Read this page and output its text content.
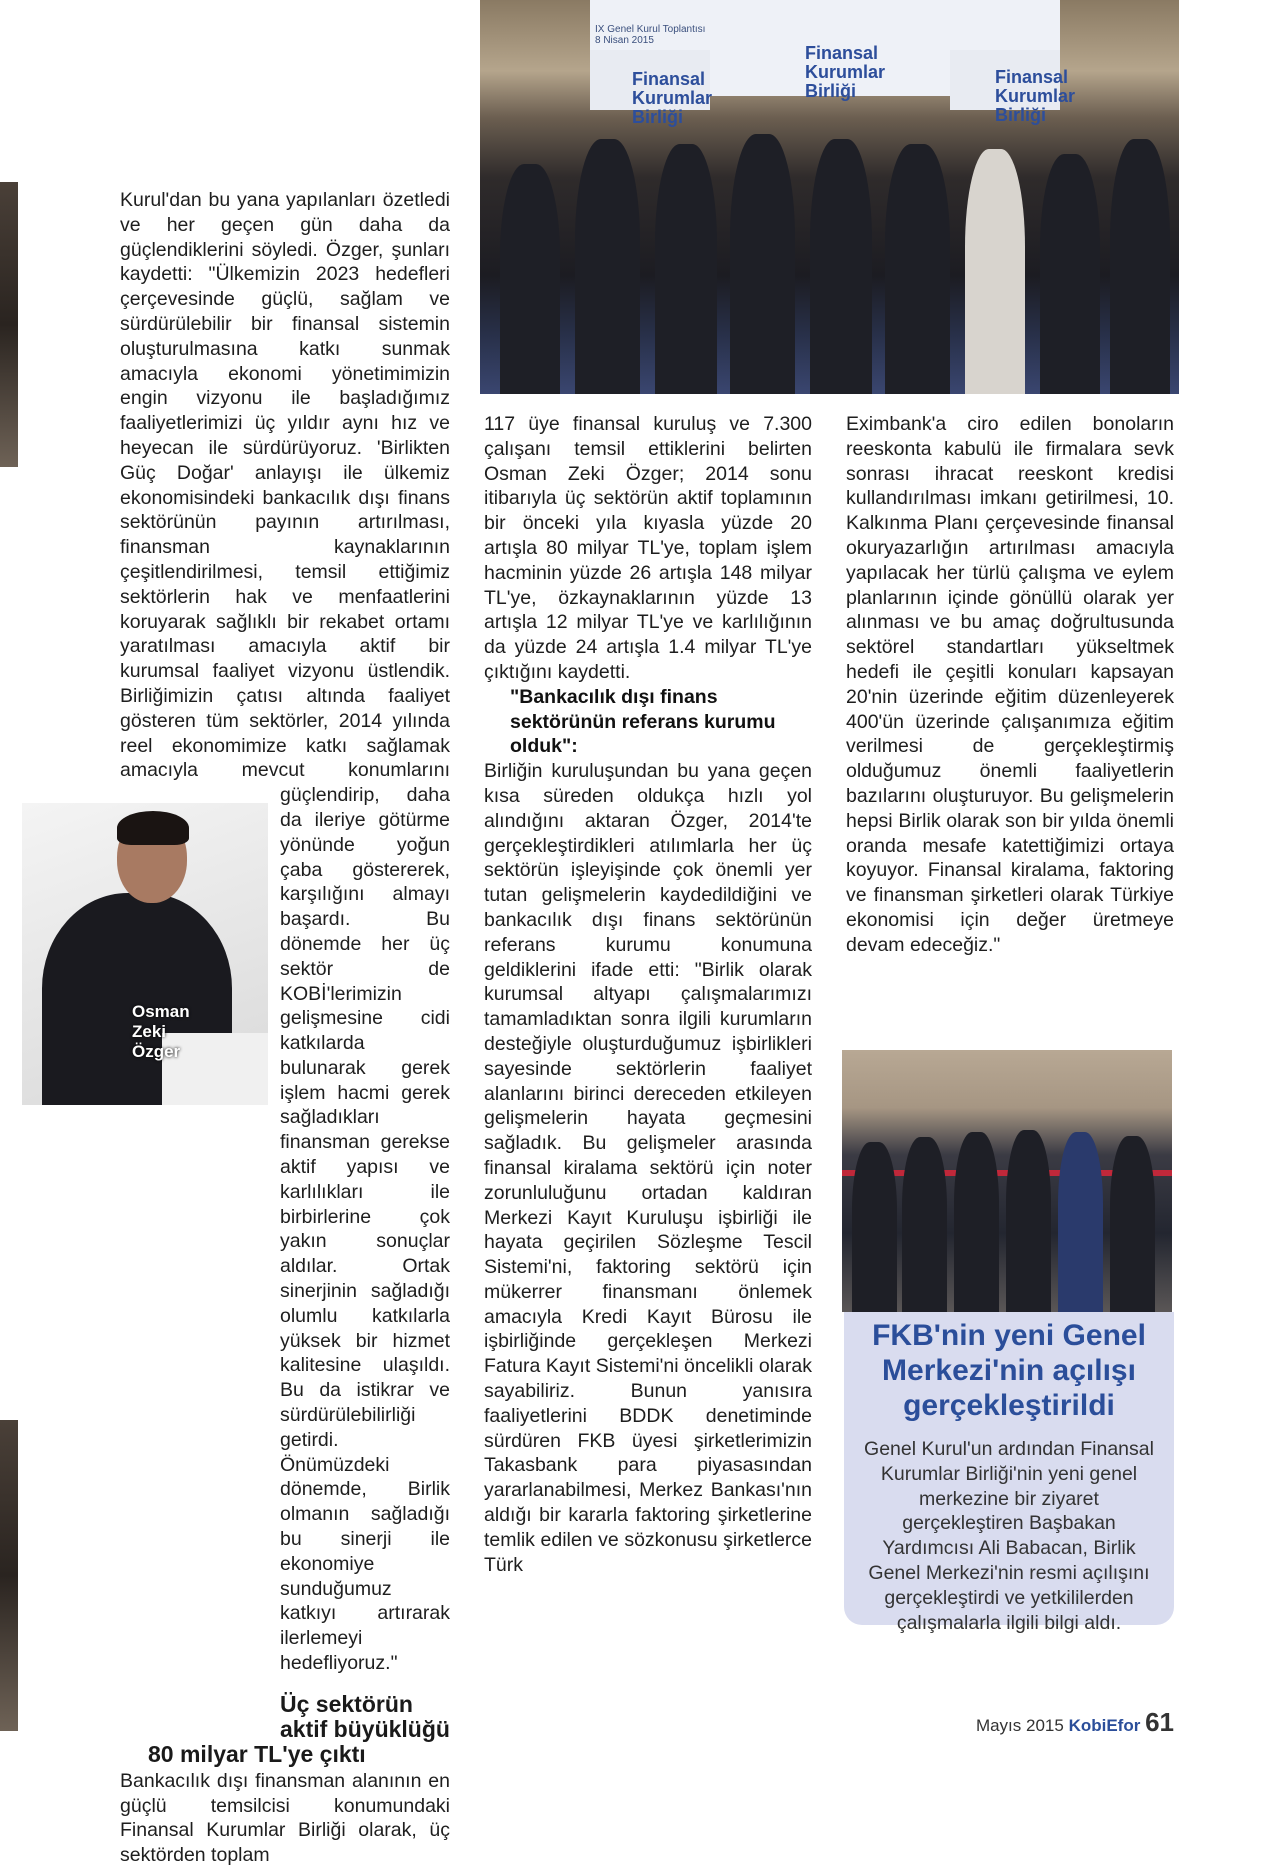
IX Genel Kurul Toplantısı
8 Nisan 2015
Finansal
Kurumlar
Birliği
Finansal
Kurumlar
Birliği
Finansal
Kurumlar
Birliği

Kurul'dan bu yana yapılanları özetledi ve her geçen gün daha da güçlendiklerini söyledi. Özger, şunları kaydetti: "Ülkemizin 2023 hedefleri çerçevesinde güçlü, sağlam ve sürdürülebilir bir finansal sistemin oluşturulmasına katkı sunmak amacıyla ekonomi yönetimimizin engin vizyonu ile başladığımız faaliyetlerimizi üç yıldır aynı hız ve heyecan ile sürdürüyoruz. 'Birlikten Güç Doğar' anlayışı ile ülkemiz ekonomisindeki bankacılık dışı finans sektörünün payının artırılması, finansman kaynaklarının çeşitlendirilmesi, temsil ettiğimiz sektörlerin hak ve menfaatlerini koruyarak sağlıklı bir rekabet ortamı yaratılması amacıyla aktif bir kurumsal faaliyet vizyonu üstlendik. Birliğimizin çatısı altında faaliyet gösteren tüm sektörler, 2014 yılında reel ekonomimize katkı sağlamak amacıyla mevcut konumlarını güçlendirip, daha da ileriye götürme yönünde yoğun çaba göstererek, karşılığını almayı başardı. Bu dönemde her üç sektör de KOBİ'lerimizin gelişmesine cidi katkılarda bulunarak gerek işlem hacmi gerek sağladıkları finansman gerekse aktif yapısı ve karlılıkları ile birbirlerine çok yakın sonuçlar aldılar. Ortak sinerjinin sağladığı olumlu katkılarla yüksek bir hizmet kalitesine ulaşıldı. Bu da istikrar ve sürdürülebilirliği getirdi. Önümüzdeki dönemde, Birlik olmanın sağladığı bu sinerji ile ekonomiye sunduğumuz katkıyı artırarak ilerlemeyi hedefliyoruz."

Üç sektörün aktif büyüklüğü 80 milyar TL'ye çıktı

Bankacılık dışı finansman alanının en güçlü temsilcisi konumundaki Finansal Kurumlar Birliği olarak, üç sektörden toplam

Osman
Zeki
Özger

117 üye finansal kuruluş ve 7.300 çalışanı temsil ettiklerini belirten Osman Zeki Özger; 2014 sonu itibarıyla üç sektörün aktif toplamının bir önceki yıla kıyasla yüzde 20 artışla 80 milyar TL'ye, toplam işlem hacminin yüzde 26 artışla 148 milyar TL'ye, özkaynaklarının yüzde 13 artışla 12 milyar TL'ye ve karlılığının da yüzde 24 artışla 1.4 milyar TL'ye çıktığını kaydetti.

"Bankacılık dışı finans sektörünün referans kurumu olduk":

Birliğin kuruluşundan bu yana geçen kısa süreden oldukça hızlı yol alındığını aktaran Özger, 2014'te gerçekleştirdikleri atılımlarla her üç sektörün işleyişinde çok önemli yer tutan gelişmelerin kaydedildiğini ve bankacılık dışı finans sektörünün referans kurumu konumuna geldiklerini ifade etti: "Birlik olarak kurumsal altyapı çalışmalarımızı tamamladıktan sonra ilgili kurumların desteğiyle oluşturduğumuz işbirlikleri sayesinde sektörlerin faaliyet alanlarını birinci dereceden etkileyen gelişmelerin hayata geçmesini sağladık. Bu gelişmeler arasında finansal kiralama sektörü için noter zorunluluğunu ortadan kaldıran Merkezi Kayıt Kuruluşu işbirliği ile hayata geçirilen Sözleşme Tescil Sistemi'ni, faktoring sektörü için mükerrer finansmanı önlemek amacıyla Kredi Kayıt Bürosu ile işbirliğinde gerçekleşen Merkezi Fatura Kayıt Sistemi'ni öncelikli olarak sayabiliriz. Bunun yanısıra faaliyetlerini BDDK denetiminde sürdüren FKB üyesi şirketlerimizin Takasbank para piyasasından yararlanabilmesi, Merkez Bankası'nın aldığı bir kararla faktoring şirketlerine temlik edilen ve sözkonusu şirketlerce Türk

Eximbank'a ciro edilen bonoların reeskonta kabulü ile firmalara sevk sonrası ihracat reeskont kredisi kullandırılması imkanı getirilmesi, 10. Kalkınma Planı çerçevesinde finansal okuryazarlığın artırılması amacıyla yapılacak her türlü çalışma ve eylem planlarının içinde gönüllü olarak yer alınması ve bu amaç doğrultusunda sektörel standartları yükseltmek hedefi ile çeşitli konuları kapsayan 20'nin üzerinde eğitim düzenleyerek 400'ün üzerinde çalışanımıza eğitim verilmesi de gerçekleştirmiş olduğumuz önemli faaliyetlerin bazılarını oluşturuyor. Bu gelişmelerin hepsi Birlik olarak son bir yılda önemli oranda mesafe katettiğimizi ortaya koyuyor. Finansal kiralama, faktoring ve finansman şirketleri olarak Türkiye ekonomisi için değer üretmeye devam edeceğiz."

FKB'nin yeni Genel Merkezi'nin açılışı gerçekleştirildi

Genel Kurul'un ardından Finansal Kurumlar Birliği'nin yeni genel merkezine bir ziyaret gerçekleştiren Başbakan Yardımcısı Ali Babacan, Birlik Genel Merkezi'nin resmi açılışını gerçekleştirdi ve yetkililerden çalışmalarla ilgili bilgi aldı.

Mayıs 2015 KobiEfor 61
